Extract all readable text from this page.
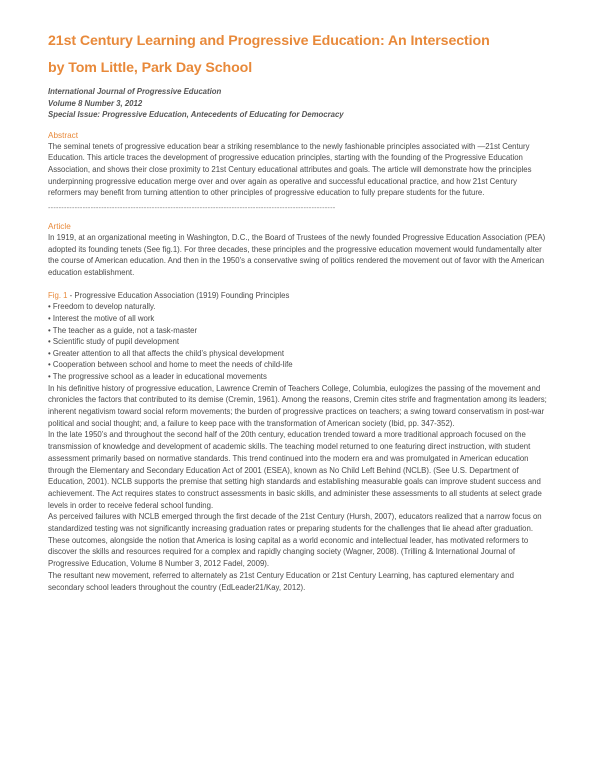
21st Century Learning and Progressive Education: An Intersection
by Tom Little, Park Day School
International Journal of Progressive Education
Volume 8 Number 3, 2012
Special Issue: Progressive Education, Antecedents of Educating for Democracy
Abstract

The seminal tenets of progressive education bear a striking resemblance to the newly fashionable principles associated with —21st Century Education. This article traces the development of progressive education principles, starting with the founding of the Progressive Education Association, and shows their close proximity to 21st Century educational attributes and goals. The article will demonstrate how the principles underpinning progressive education merge over and over again as operative and successful educational practice, and how 21st Century reformers may benefit from turning attention to other principles of progressive education to fully prepare students for the future.

------------------------------------------------------------------------------------------------------------
Article

In 1919, at an organizational meeting in Washington, D.C., the Board of Trustees of the newly founded Progressive Education Association (PEA) adopted its founding tenets (See fig.1). For three decades, these principles and the progressive education movement would fundamentally alter the course of American education. And then in the 1950’s a conservative swing of politics rendered the movement out of favor with the American education establishment.

Fig. 1 - Progressive Education Association (1919) Founding Principles
• Freedom to develop naturally.
• Interest the motive of all work
• The teacher as a guide, not a task-master
• Scientific study of pupil development
• Greater attention to all that affects the child’s physical development
• Cooperation between school and home to meet the needs of child-life
• The progressive school as a leader in educational movements

In his definitive history of progressive education, Lawrence Cremin of Teachers College, Columbia, eulogizes the passing of the movement and chronicles the factors that contributed to its demise (Cremin, 1961). Among the reasons, Cremin cites strife and fragmentation among its leaders; inherent negativism toward social reform movements; the burden of progressive practices on teachers; a swing toward conservatism in post-war political and social thought; and, a failure to keep pace with the transformation of American society (Ibid, pp. 347-352).

In the late 1950’s and throughout the second half of the 20th century, education trended toward a more traditional approach focused on the transmission of knowledge and development of academic skills. The teaching model returned to one featuring direct instruction, with student assessment primarily based on normative standards. This trend continued into the modern era and was promulgated in American education through the Elementary and Secondary Education Act of 2001 (ESEA), known as No Child Left Behind (NCLB). (See U.S. Department of Education, 2001). NCLB supports the premise that setting high standards and establishing measurable goals can improve student success and achievement. The Act requires states to construct assessments in basic skills, and administer these assessments to all students at select grade levels in order to receive federal school funding.

As perceived failures with NCLB emerged through the first decade of the 21st Century (Hursh, 2007), educators realized that a narrow focus on standardized testing was not significantly increasing graduation rates or preparing students for the challenges that lie ahead after graduation. These outcomes, alongside the notion that America is losing capital as a world economic and intellectual leader, has motivated reformers to discover the skills and resources required for a complex and rapidly changing society (Wagner, 2008). (Trilling & International Journal of Progressive Education, Volume 8 Number 3, 2012 Fadel, 2009).

The resultant new movement, referred to alternately as 21st Century Education or 21st Century Learning, has captured elementary and secondary school leaders throughout the country (EdLeader21/Kay, 2012).
